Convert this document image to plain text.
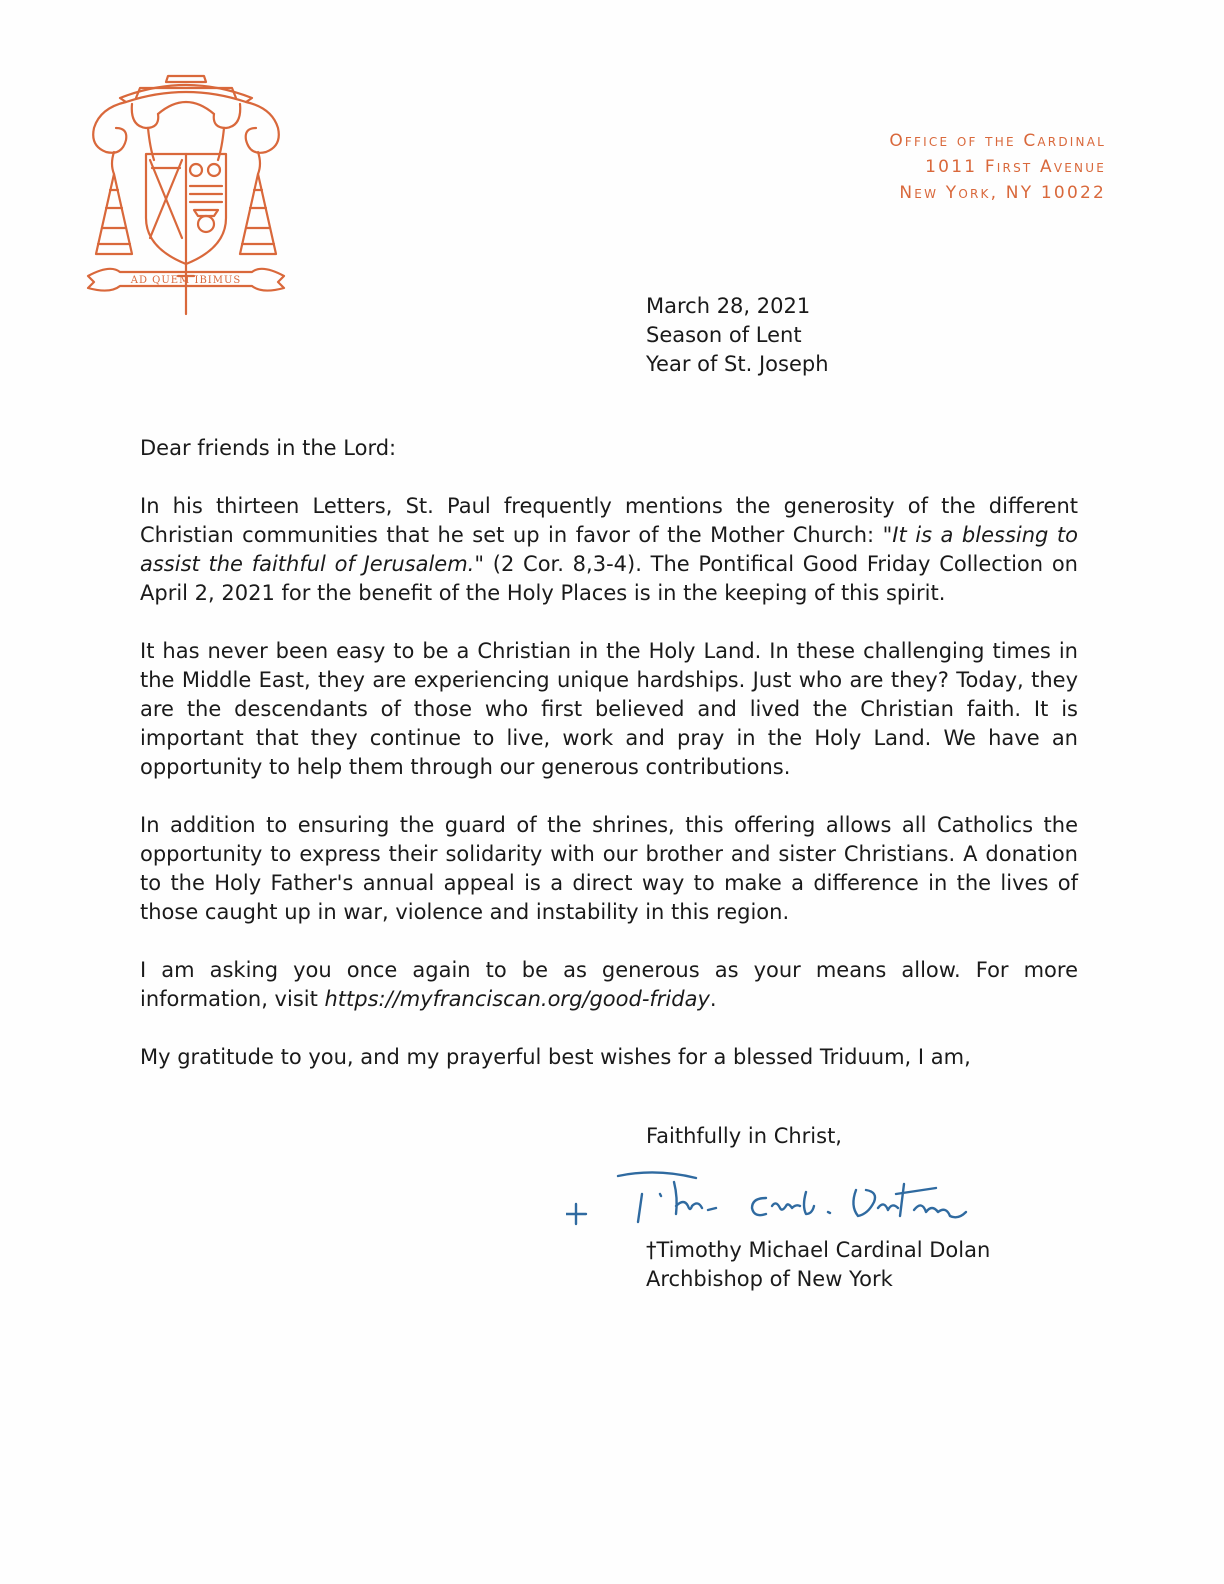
AD QUEM IBIMUS
Office of the Cardinal
1011 First Avenue
New York, NY 10022
March 28, 2021
Season of Lent
Year of St. Joseph
Dear friends in the Lord:

In his thirteen Letters, St. Paul frequently mentions the generosity of the different Christian communities that he set up in favor of the Mother Church: "It is a blessing to assist the faithful of Jerusalem." (2 Cor. 8,3-4). The Pontifical Good Friday Collection on April 2, 2021 for the benefit of the Holy Places is in the keeping of this spirit.

It has never been easy to be a Christian in the Holy Land. In these challenging times in the Middle East, they are experiencing unique hardships. Just who are they? Today, they are the descendants of those who first believed and lived the Christian faith. It is important that they continue to live, work and pray in the Holy Land. We have an opportunity to help them through our generous contributions.

In addition to ensuring the guard of the shrines, this offering allows all Catholics the opportunity to express their solidarity with our brother and sister Christians. A donation to the Holy Father's annual appeal is a direct way to make a difference in the lives of those caught up in war, violence and instability in this region.

I am asking you once again to be as generous as your means allow. For more information, visit https://myfranciscan.org/good-friday.

My gratitude to you, and my prayerful best wishes for a blessed Triduum, I am,

Faithfully in Christ,
†Timothy Michael Cardinal Dolan
Archbishop of New York
